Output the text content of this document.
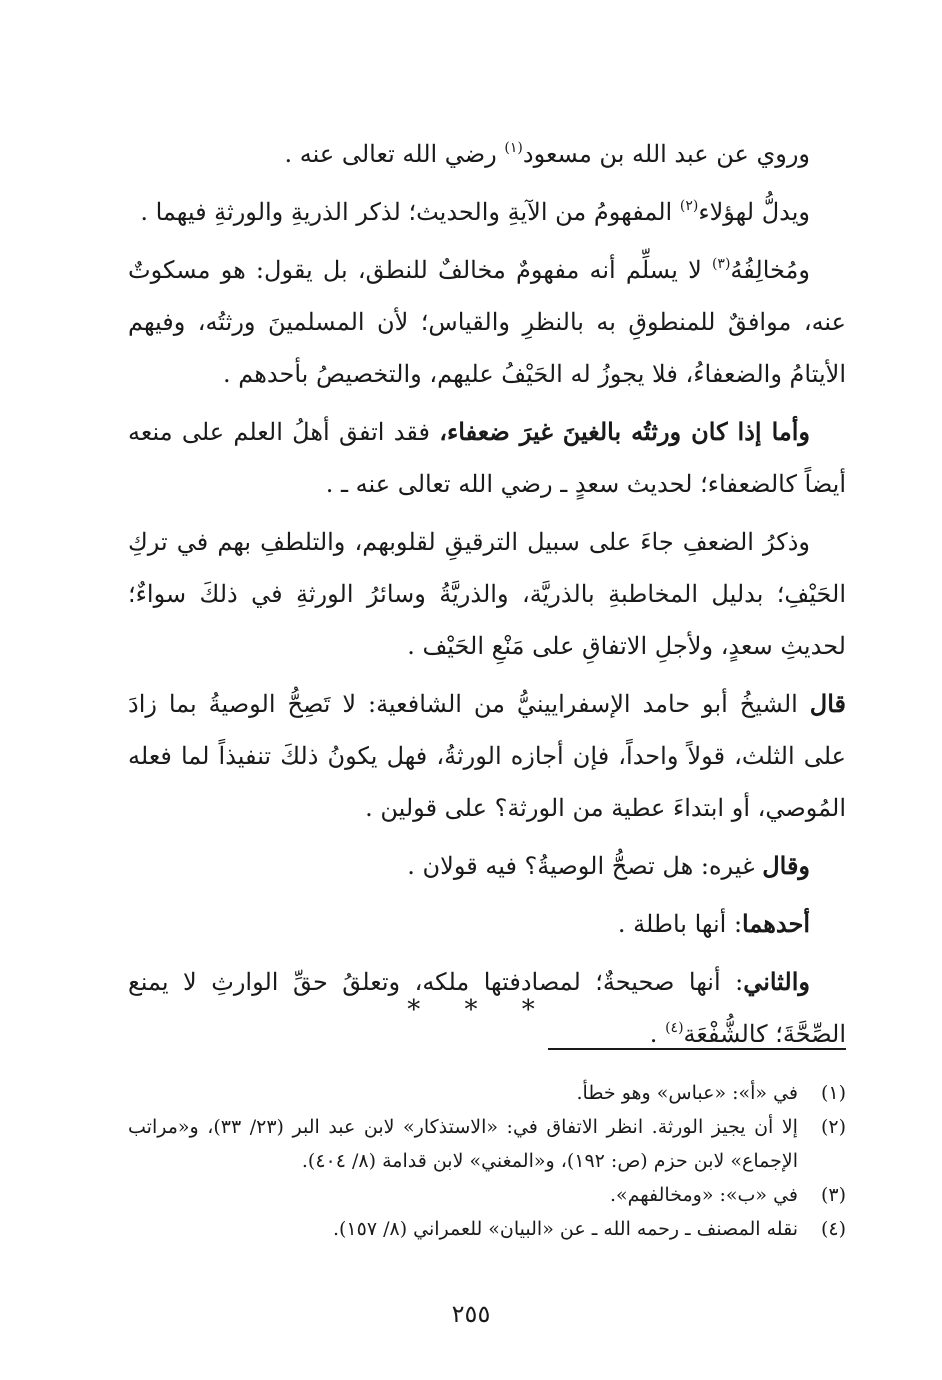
وروي عن عبد الله بن مسعود$^{(١)}$ رضي الله تعالى عنه .

ويدلُّ لهؤلاء$^{(٢)}$ المفهومُ من الآيةِ والحديث؛ لذكر الذريةِ والورثةِ فيهما .

ومُخالِفُهُ$^{(٣)}$ لا يسلِّم أنه مفهومٌ مخالفٌ للنطق، بل يقول: هو مسكوتٌ عنه، موافقٌ للمنطوقِ به بالنظرِ والقياس؛ لأن المسلمينَ ورثتُه، وفيهم الأيتامُ والضعفاءُ، فلا يجوزُ له الحَيْفُ عليهم، والتخصيصُ بأحدهم .

وأما إذا كان ورثتُه بالغينَ غيرَ ضعفاء، فقد اتفق أهلُ العلم على منعه أيضاً كالضعفاء؛ لحديث سعدٍ ـ رضي الله تعالى عنه ـ .

وذكرُ الضعفِ جاءَ على سبيل الترقيقِ لقلوبهم، والتلطفِ بهم في تركِ الحَيْفِ؛ بدليل المخاطبةِ بالذريَّة، والذريَّةُ وسائرُ الورثةِ في ذلكَ سواءٌ؛ لحديثِ سعدٍ، ولأجلِ الاتفاقِ على مَنْعِ الحَيْف .

قال الشيخُ أبو حامد الإسفرايينيُّ من الشافعية: لا تَصِحُّ الوصيةُ بما زادَ على الثلث، قولاً واحداً، فإن أجازه الورثةُ، فهل يكونُ ذلكَ تنفيذاً لما فعله المُوصي، أو ابتداءَ عطية من الورثة؟ على قولين .

وقال غيره: هل تصحُّ الوصيةُ؟ فيه قولان .

أحدهما: أنها باطلة .

والثاني: أنها صحيحةٌ؛ لمصادفتها ملكه، وتعلقُ حقِّ الوارثِ لا يمنع الصِّحَّةَ؛ كالشُّفْعَة$^{(٤)}$ .

* * *
(١)
في «أ»: «عباس» وهو خطأ.
(٢)
إلا أن يجيز الورثة. انظر الاتفاق في: «الاستذكار» لابن عبد البر (٢٣/ ٣٣)، و«مراتب الإجماع» لابن حزم (ص: ١٩٢)، و«المغني» لابن قدامة (٨/ ٤٠٤).
(٣)
في «ب»: «ومخالفهم».
(٤)
نقله المصنف ـ رحمه الله ـ عن «البيان» للعمراني (٨/ ١٥٧).
٢٥٥
